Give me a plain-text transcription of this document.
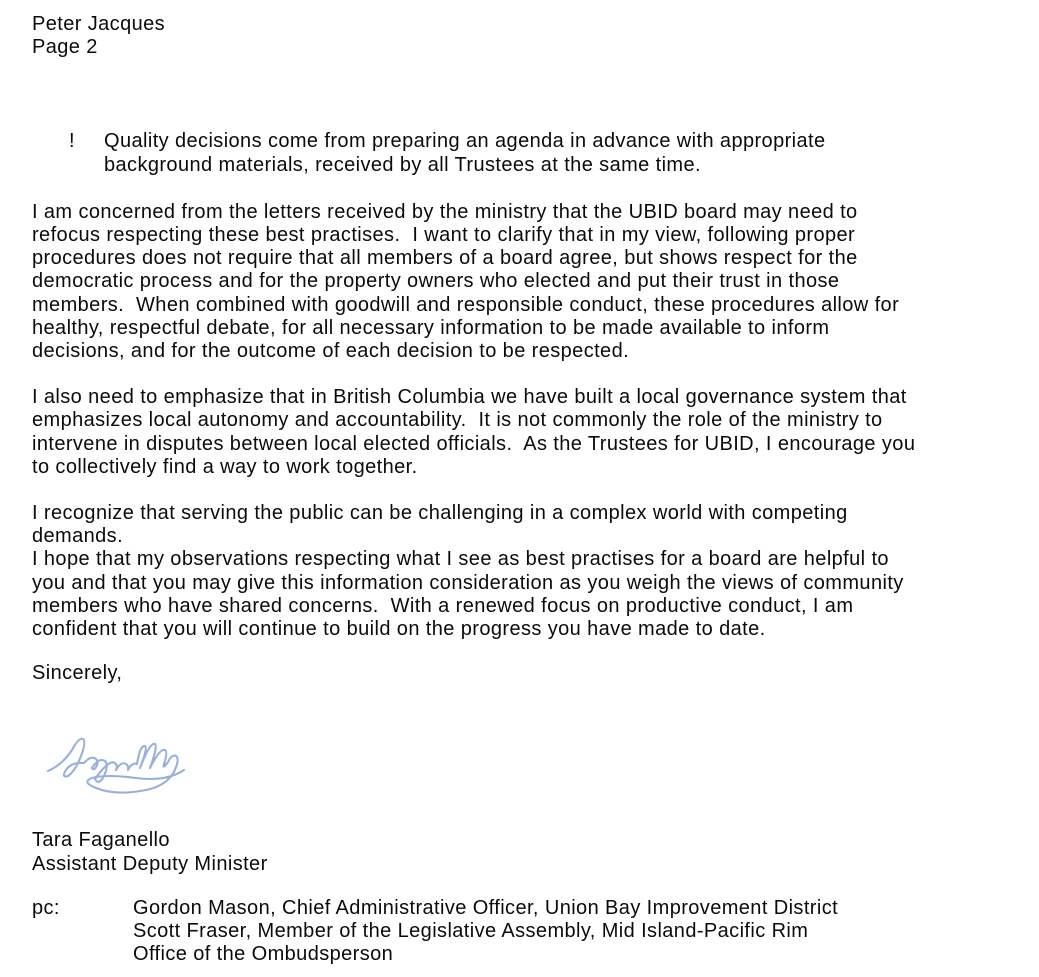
Peter Jacques
Page 2
!	Quality decisions come from preparing an agenda in advance with appropriate
background materials, received by all Trustees at the same time.
I am concerned from the letters received by the ministry that the UBID board may need to
refocus respecting these best practises.  I want to clarify that in my view, following proper
procedures does not require that all members of a board agree, but shows respect for the
democratic process and for the property owners who elected and put their trust in those
members.  When combined with goodwill and responsible conduct, these procedures allow for
healthy, respectful debate, for all necessary information to be made available to inform
decisions, and for the outcome of each decision to be respected.
I also need to emphasize that in British Columbia we have built a local governance system that
emphasizes local autonomy and accountability.  It is not commonly the role of the ministry to
intervene in disputes between local elected officials.  As the Trustees for UBID, I encourage you
to collectively find a way to work together.
I recognize that serving the public can be challenging in a complex world with competing
demands.
I hope that my observations respecting what I see as best practises for a board are helpful to
you and that you may give this information consideration as you weigh the views of community
members who have shared concerns.  With a renewed focus on productive conduct, I am
confident that you will continue to build on the progress you have made to date.
Sincerely,
Tara Faganello
Assistant Deputy Minister
pc:	Gordon Mason, Chief Administrative Officer, Union Bay Improvement District
Scott Fraser, Member of the Legislative Assembly, Mid Island-Pacific Rim
Office of the Ombudsperson
